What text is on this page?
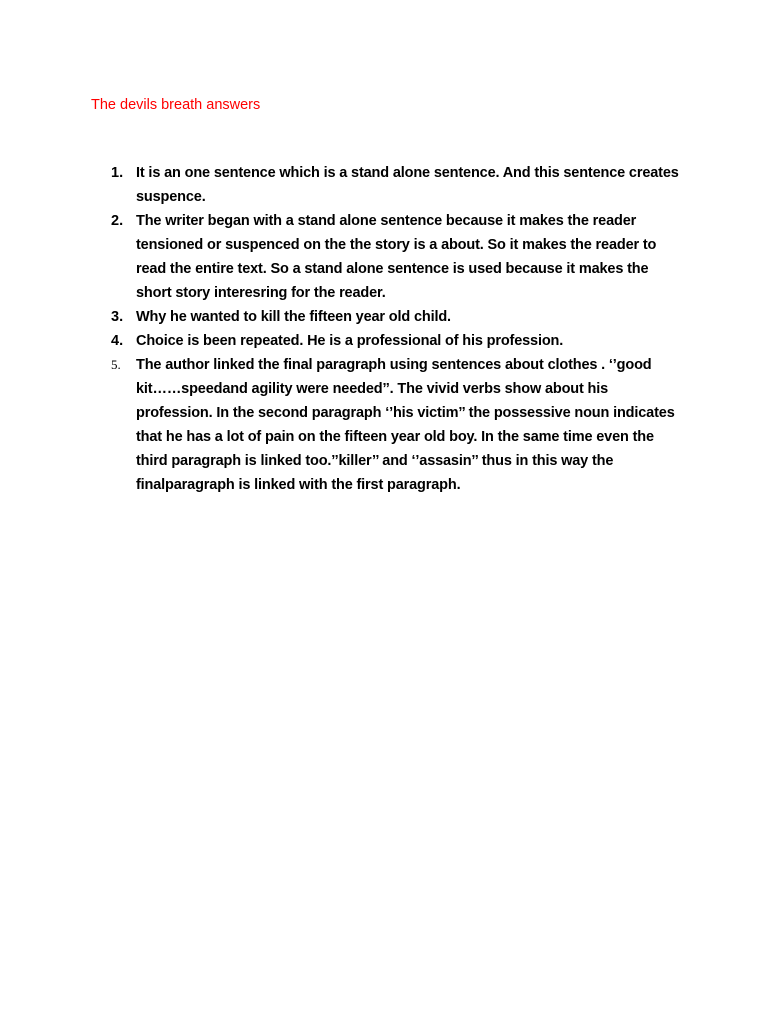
The devils breath answers
1. It is an one sentence which is a stand alone sentence. And this sentence creates suspence.
2. The writer began with a stand alone sentence because it makes the reader tensioned or suspenced on the the story is a about. So it makes the reader to read the entire text. So a stand alone sentence is used because it makes the short story interesring for the reader.
3. Why he wanted to kill the fifteen year old child.
4. Choice is been repeated. He is a professional of his profession.
5.	The author linked the final paragraph using sentences about clothes . ‘’good kit……speedand agility were needed’’. The vivid verbs show about his profession. In the second paragraph ‘’his victim’’ the possessive noun indicates that he has a lot of pain on the fifteen year old boy. In the same time even the third paragraph is linked too.’’killer’’ and ‘’assasin’’ thus in this way the finalparagraph is linked with the first paragraph.
